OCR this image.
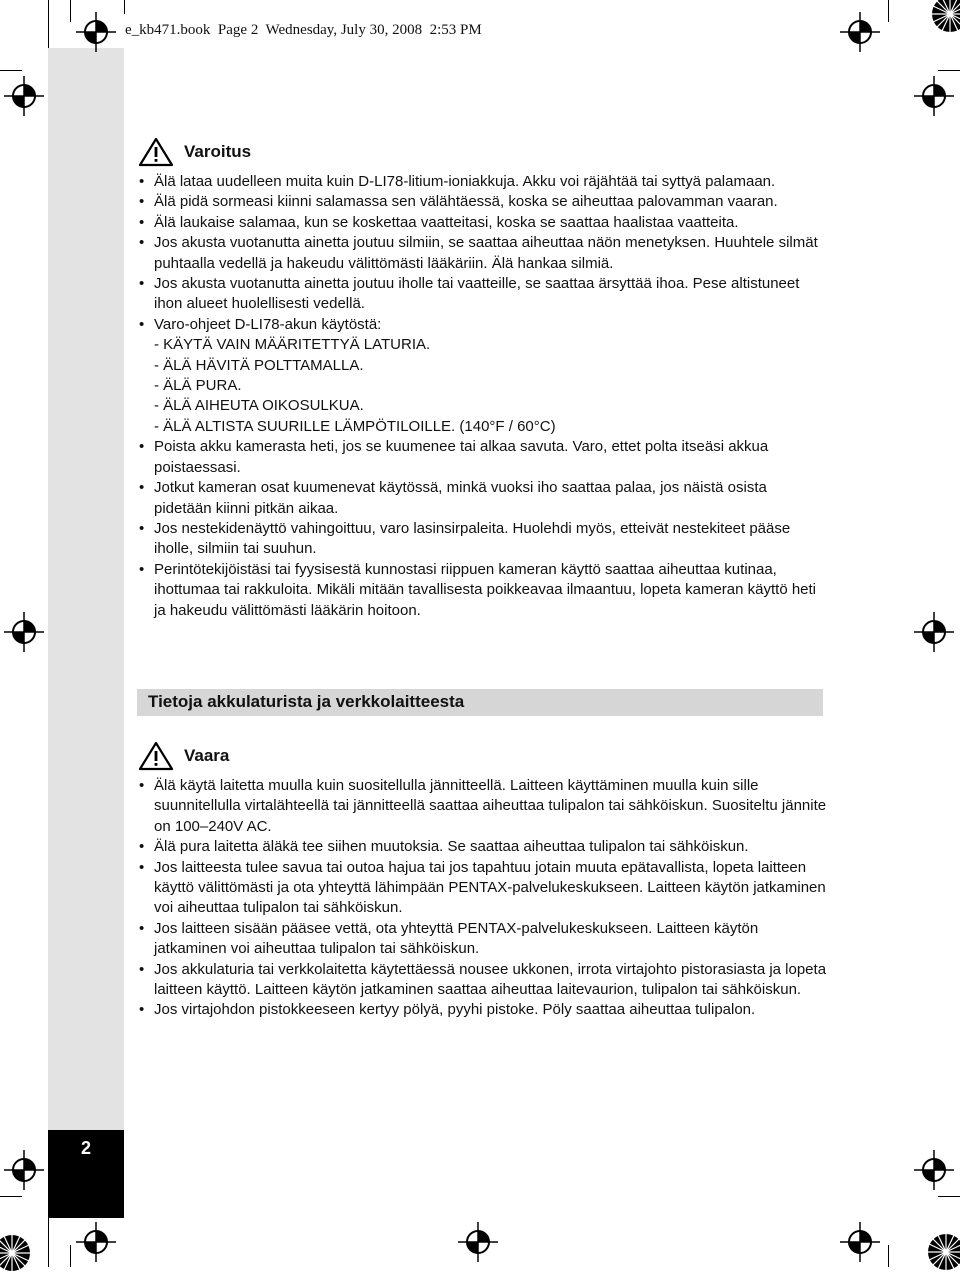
2
e_kb471.book  Page 2  Wednesday, July 30, 2008  2:53 PM
Varoitus
• Älä lataa uudelleen muita kuin D-LI78-litium-ioniakkuja. Akku voi räjähtää tai syttyä palamaan.
• Älä pidä sormeasi kiinni salamassa sen välähtäessä, koska se aiheuttaa palovamman vaaran.
• Älä laukaise salamaa, kun se koskettaa vaatteitasi, koska se saattaa haalistaa vaatteita.
• Jos akusta vuotanutta ainetta joutuu silmiin, se saattaa aiheuttaa näön menetyksen. Huuhtele silmät puhtaalla vedellä ja hakeudu välittömästi lääkäriin. Älä hankaa silmiä.
• Jos akusta vuotanutta ainetta joutuu iholle tai vaatteille, se saattaa ärsyttää ihoa. Pese altistuneet ihon alueet huolellisesti vedellä.
• Varo-ohjeet D-LI78-akun käytöstä:
- KÄYTÄ VAIN MÄÄRITETTYÄ LATURIA.
- ÄLÄ HÄVITÄ POLTTAMALLA.
- ÄLÄ PURA.
- ÄLÄ AIHEUTA OIKOSULKUA.
- ÄLÄ ALTISTA SUURILLE LÄMPÖTILOILLE. (140°F / 60°C)
• Poista akku kamerasta heti, jos se kuumenee tai alkaa savuta. Varo, ettet polta itseäsi akkua poistaessasi.
• Jotkut kameran osat kuumenevat käytössä, minkä vuoksi iho saattaa palaa, jos näistä osista pidetään kiinni pitkän aikaa.
• Jos nestekidenäyttö vahingoittuu, varo lasinsirpaleita. Huolehdi myös, etteivät nestekiteet pääse iholle, silmiin tai suuhun.
• Perintötekijöistäsi tai fyysisestä kunnostasi riippuen kameran käyttö saattaa aiheuttaa kutinaa, ihottumaa tai rakkuloita. Mikäli mitään tavallisesta poikkeavaa ilmaantuu, lopeta kameran käyttö heti ja hakeudu välittömästi lääkärin hoitoon.
Tietoja akkulaturista ja verkkolaitteesta
Vaara
• Älä käytä laitetta muulla kuin suositellulla jännitteellä. Laitteen käyttäminen muulla kuin sille suunnitellulla virtalähteellä tai jännitteellä saattaa aiheuttaa tulipalon tai sähköiskun. Suositeltu jännite on 100–240V AC.
• Älä pura laitetta äläkä tee siihen muutoksia. Se saattaa aiheuttaa tulipalon tai sähköiskun.
• Jos laitteesta tulee savua tai outoa hajua tai jos tapahtuu jotain muuta epätavallista, lopeta laitteen käyttö välittömästi ja ota yhteyttä lähimpään PENTAX-palvelukeskukseen. Laitteen käytön jatkaminen voi aiheuttaa tulipalon tai sähköiskun.
• Jos laitteen sisään pääsee vettä, ota yhteyttä PENTAX-palvelukeskukseen. Laitteen käytön jatkaminen voi aiheuttaa tulipalon tai sähköiskun.
• Jos akkulaturia tai verkkolaitetta käytettäessä nousee ukkonen, irrota virtajohto pistorasiasta ja lopeta laitteen käyttö. Laitteen käytön jatkaminen saattaa aiheuttaa laitevaurion, tulipalon tai sähköiskun.
• Jos virtajohdon pistokkeeseen kertyy pölyä, pyyhi pistoke. Pöly saattaa aiheuttaa tulipalon.
